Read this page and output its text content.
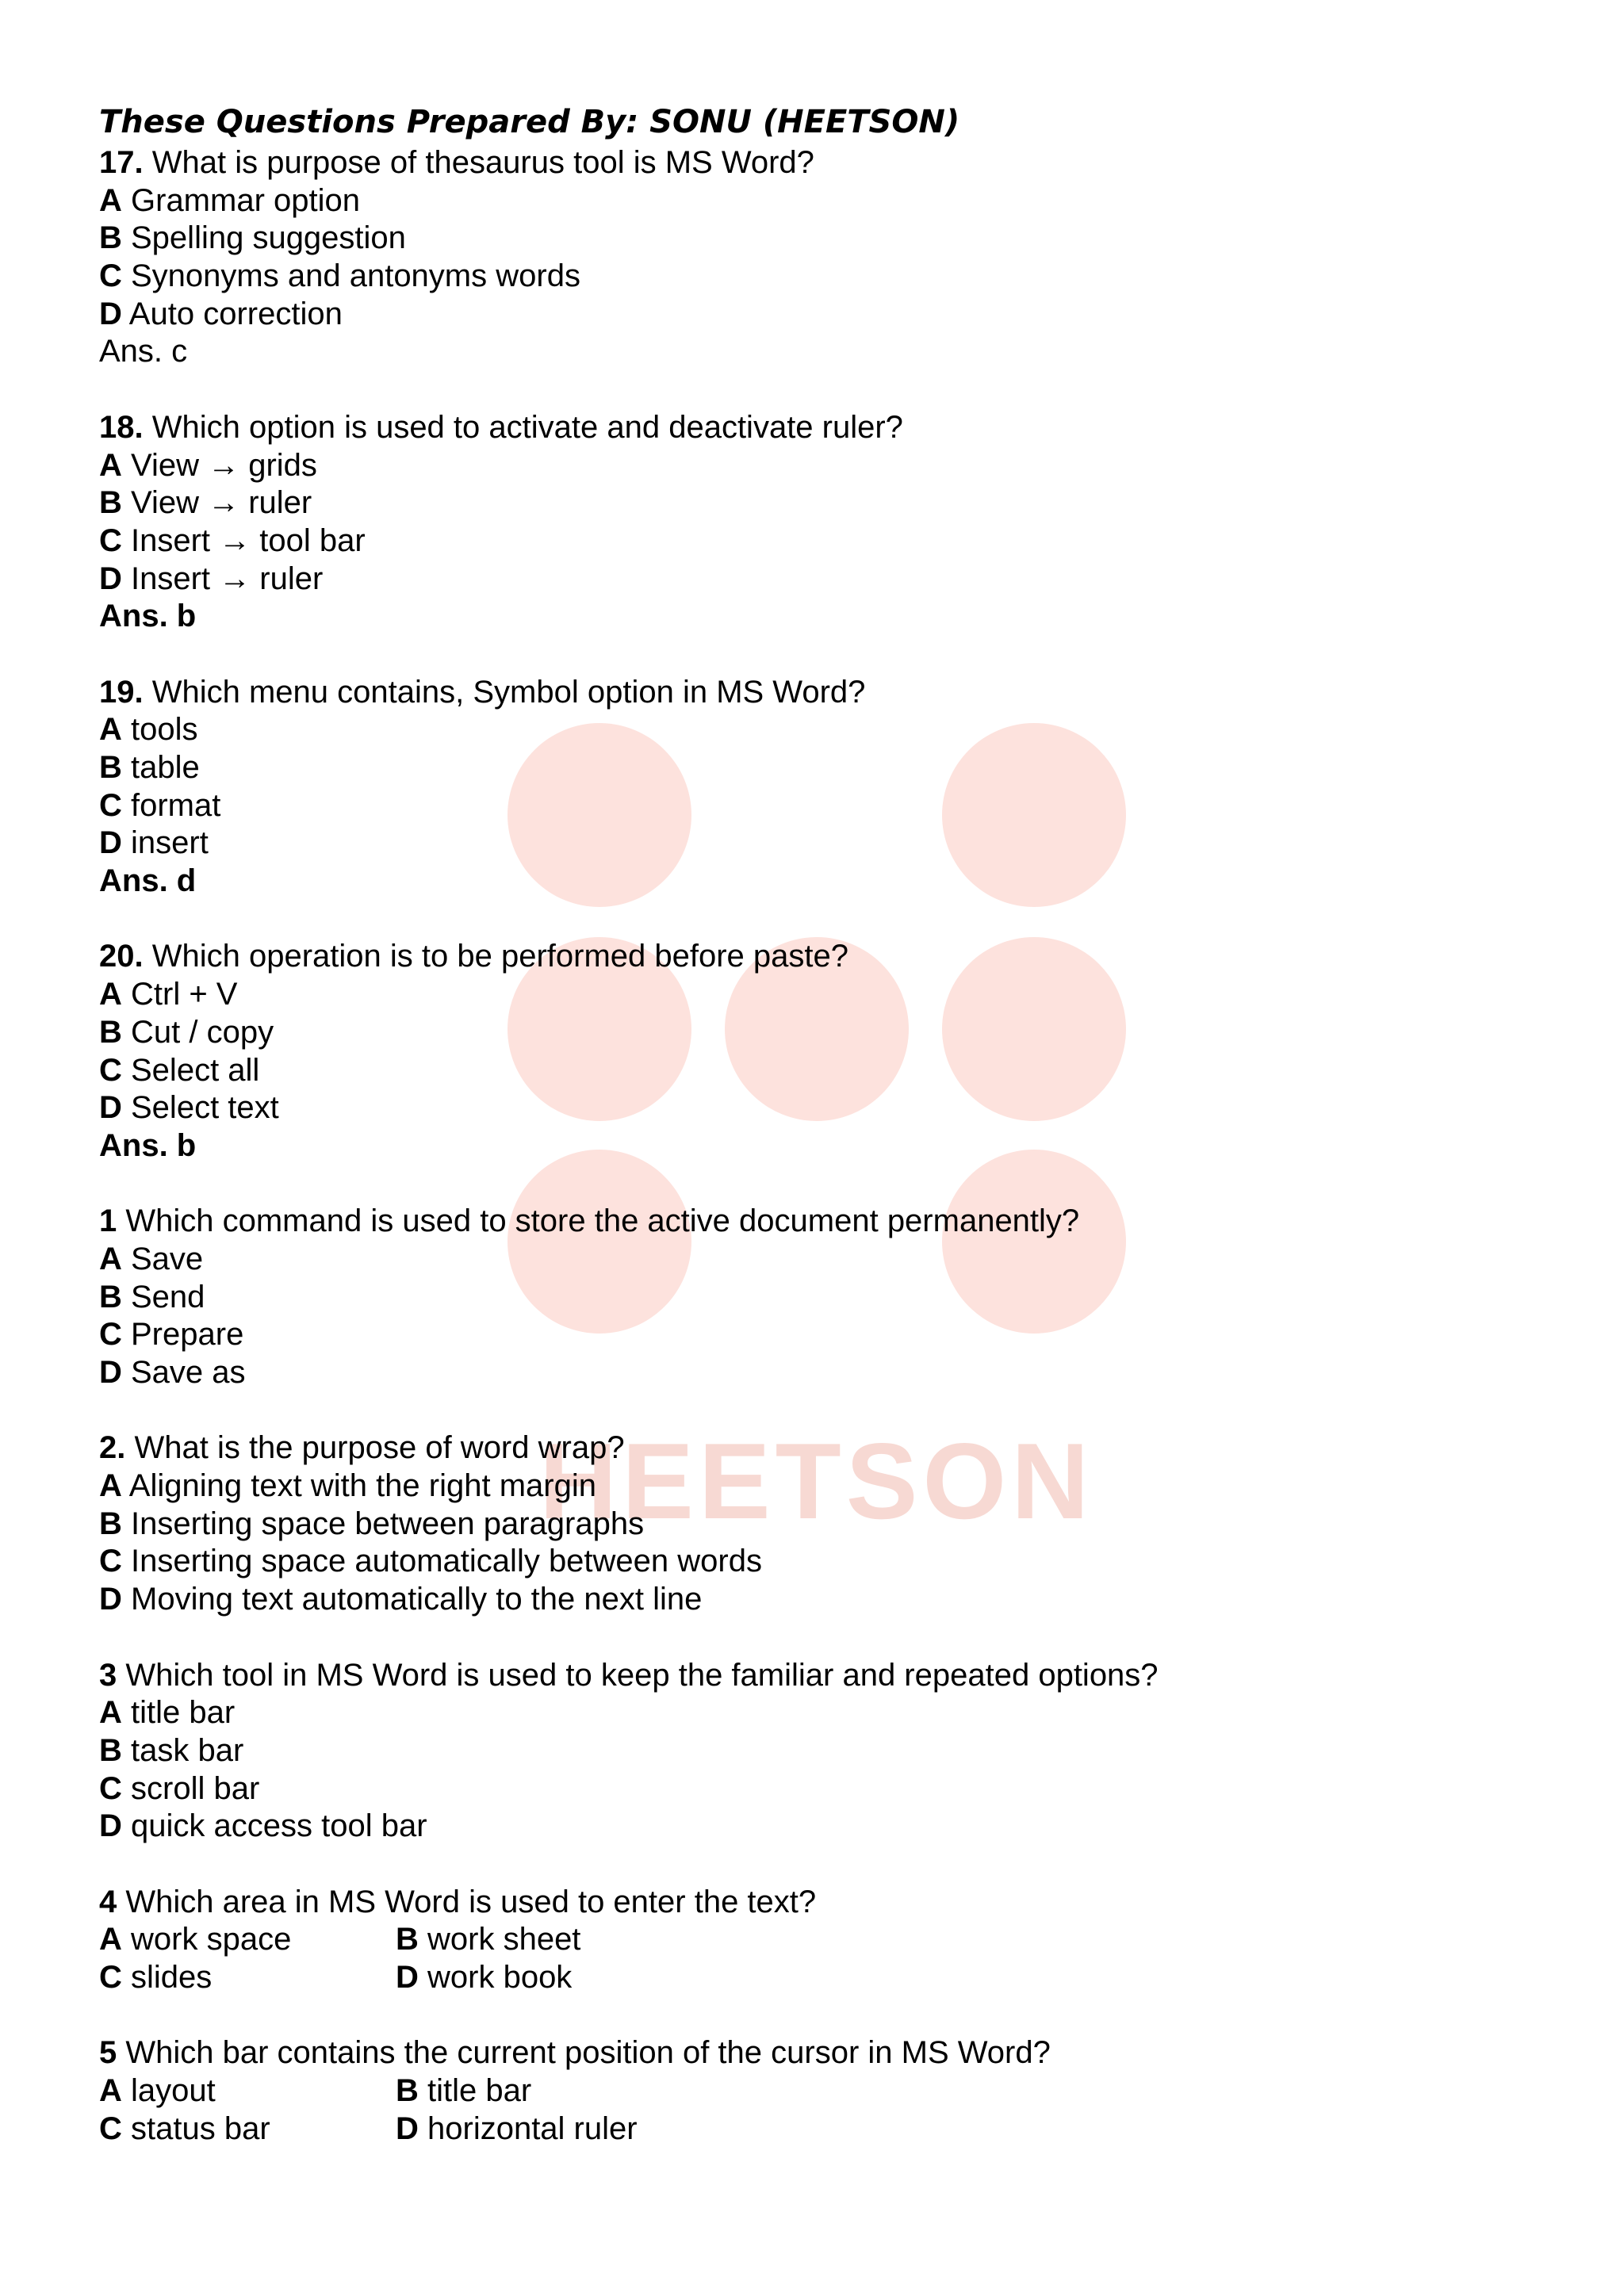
HEETSON
These Questions Prepared By: SONU (HEETSON)
17. What is purpose of thesaurus tool is MS Word?
A Grammar option
B Spelling suggestion
C Synonyms and antonyms words
D Auto correction
Ans. c
18. Which option is used to activate and deactivate ruler?
A View → grids
B View → ruler
C Insert → tool bar
D Insert → ruler
Ans. b
19. Which menu contains, Symbol option in MS Word?
A tools
B table
C format
D insert
Ans. d
20. Which operation is to be performed before paste?
A Ctrl + V
B Cut / copy
C Select all
D Select text
Ans. b
1 Which command is used to store the active document permanently?
A Save
B Send
C Prepare
D Save as
2. What is the purpose of word wrap?
A Aligning text with the right margin
B Inserting space between paragraphs
C Inserting space automatically between words
D Moving text automatically to the next line
3 Which tool in MS Word is used to keep the familiar and repeated options?
A title bar
B task bar
C scroll bar
D quick access tool bar
4 Which area in MS Word is used to enter the text?
A work space	B work sheet
C slides	D work book
5 Which bar contains the current position of the cursor in MS Word?
A layout	B title bar
C status bar	D horizontal ruler
